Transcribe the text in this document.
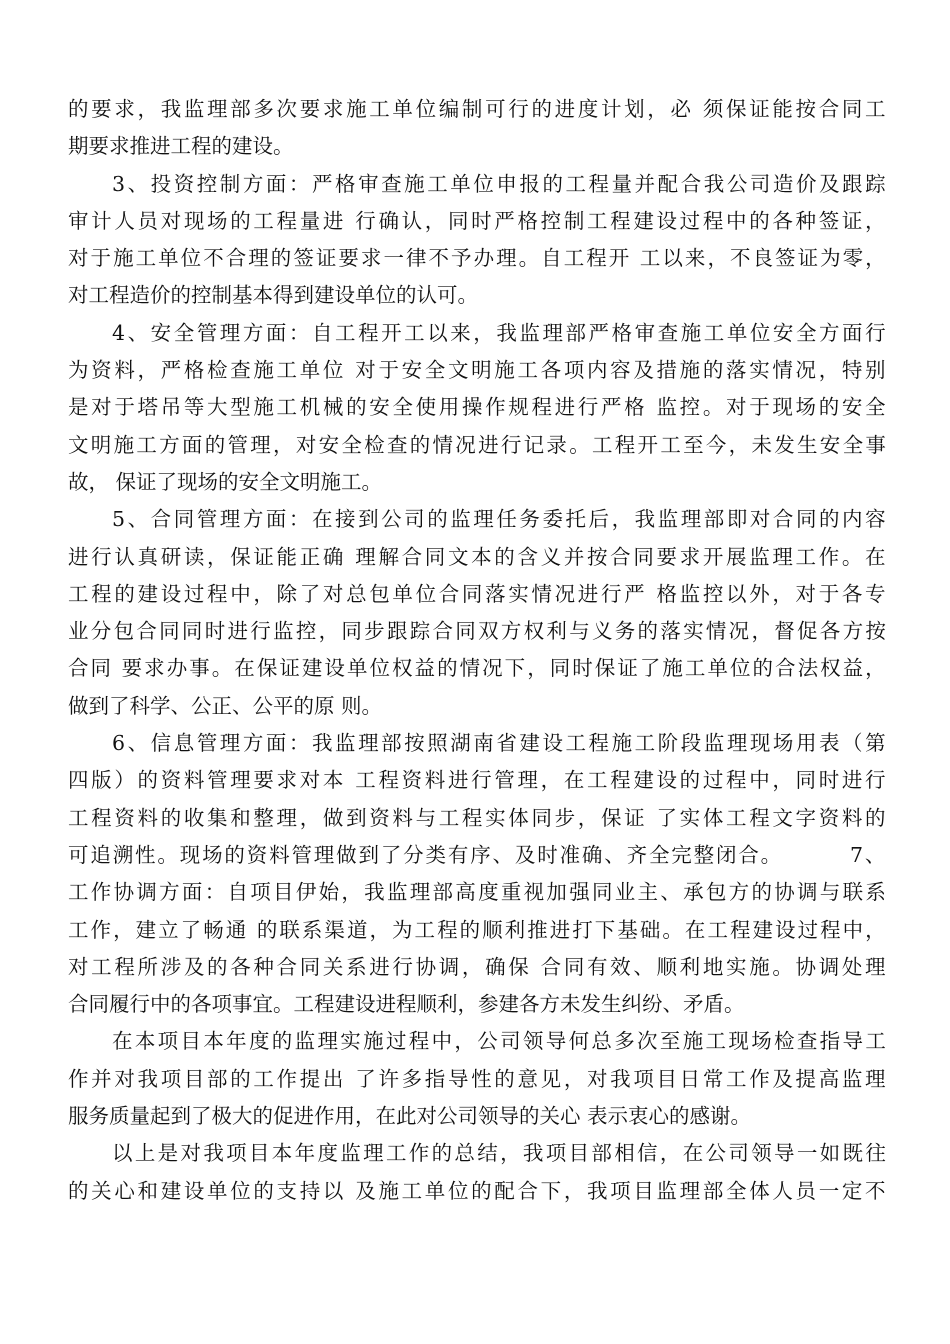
的 要 求 ， 我 监 理 部 多 次 要 求 施 工 单 位 编 制 可 行 的 进 度 计 划 ， 必
须 保 证 能 按 合 同 工
期要求推进工程的建设。
3 、 投 资 控 制 方 面 ： 严 格 审 查 施 工 单 位 申 报 的 工 程 量 并 配 合 我 公 司 造 价 及 跟 踪
审 计 人 员 对 现 场 的 工 程 量 进
行 确 认 ， 同 时 严 格 控 制 工 程 建 设 过 程 中 的 各 种 签 证 ，
对 于 施 工 单 位 不 合 理 的 签 证 要 求 一 律 不 予 办 理 。 自 工 程 开
工 以 来 ， 不 良 签 证 为 零 ，
对工程造价的控制基本得到建设单位的认可。
4 、 安 全 管 理 方 面 ： 自 工 程 开 工 以 来 ， 我 监 理 部 严 格 审 查 施 工 单 位 安 全 方 面 行
为 资 料 ， 严 格 检 查 施 工 单 位
对 于 安 全 文 明 施 工 各 项 内 容 及 措 施 的 落 实 情 况 ， 特 别
是 对 于 塔 吊 等 大 型 施 工 机 械 的 安 全 使 用 操 作 规 程 进 行 严 格
监 控 。 对 于 现 场 的 安 全
文 明 施 工 方 面 的 管 理 ， 对 安 全 检 查 的 情 况 进 行 记 录 。 工 程 开 工 至 今 ， 未 发 生 安 全 事
故， 保证了现场的安全文明施工。
5 、 合 同 管 理 方 面 ： 在 接 到 公 司 的 监 理 任 务 委 托 后 ， 我 监 理 部 即 对 合 同 的 内 容
进 行 认 真 研 读 ， 保 证 能 正 确
理 解 合 同 文 本 的 含 义 并 按 合 同 要 求 开 展 监 理 工 作 。 在
工 程 的 建 设 过 程 中 ， 除 了 对 总 包 单 位 合 同 落 实 情 况 进 行 严
格 监 控 以 外 ， 对 于 各 专
业 分 包 合 同 同 时 进 行 监 控 ， 同 步 跟 踪 合 同 双 方 权 利 与 义 务 的 落 实 情 况 ， 督 促 各 方 按
合 同
要 求 办 事 。 在 保 证 建 设 单 位 权 益 的 情 况 下 ， 同 时 保 证 了 施 工 单 位 的 合 法 权 益 ，
做到了科学、公正、公平的原 则。
6 、 信 息 管 理 方 面 ： 我 监 理 部 按 照 湖 南 省 建 设 工 程 施 工 阶 段 监 理 现 场 用 表 （ 第
四 版 ） 的 资 料 管 理 要 求 对 本
工 程 资 料 进 行 管 理 ， 在 工 程 建 设 的 过 程 中 ， 同 时 进 行
工 程 资 料 的 收 集 和 整 理 ， 做 到 资 料 与 工 程 实 体 同 步 ， 保 证
了 实 体 工 程 文 字 资 料 的
可 追 溯 性 。 现 场 的 资 料 管 理 做 到 了 分 类 有 序 、 及 时 准 确 、 齐 全 完 整 闭 合 。

	7 、
工 作 协 调 方 面 ： 自 项 目 伊 始 ， 我 监 理 部 高 度 重 视 加 强 同 业 主 、 承 包 方 的 协 调 与 联 系
工 作 ， 建 立 了 畅 通
的 联 系 渠 道 ， 为 工 程 的 顺 利 推 进 打 下 基 础 。 在 工 程 建 设 过 程 中 ，
对 工 程 所 涉 及 的 各 种 合 同 关 系 进 行 协 调 ， 确 保
合 同 有 效 、 顺 利 地 实 施 。 协 调 处 理
合同履行中的各项事宜。工程建设进程顺利，参建各方未发生纠纷、矛盾。
在 本 项 目 本 年 度 的 监 理 实 施 过 程 中 ， 公 司 领 导 何 总 多 次 至 施 工 现 场 检 查 指 导 工
作 并 对 我 项 目 部 的 工 作 提 出
了 许 多 指 导 性 的 意 见 ， 对 我 项 目 日 常 工 作 及 提 高 监 理
服务质量起到了极大的促进作用，在此对公司领导的关心 表示衷心的感谢。
以 上 是 对 我 项 目 本 年 度 监 理 工 作 的 总 结 ， 我 项 目 部 相 信 ， 在 公 司 领 导 一 如 既 往
的 关 心 和 建 设 单 位 的 支 持 以
及 施 工 单 位 的 配 合 下 ， 我 项 目 监 理 部 全 体 人 员 一 定 不
